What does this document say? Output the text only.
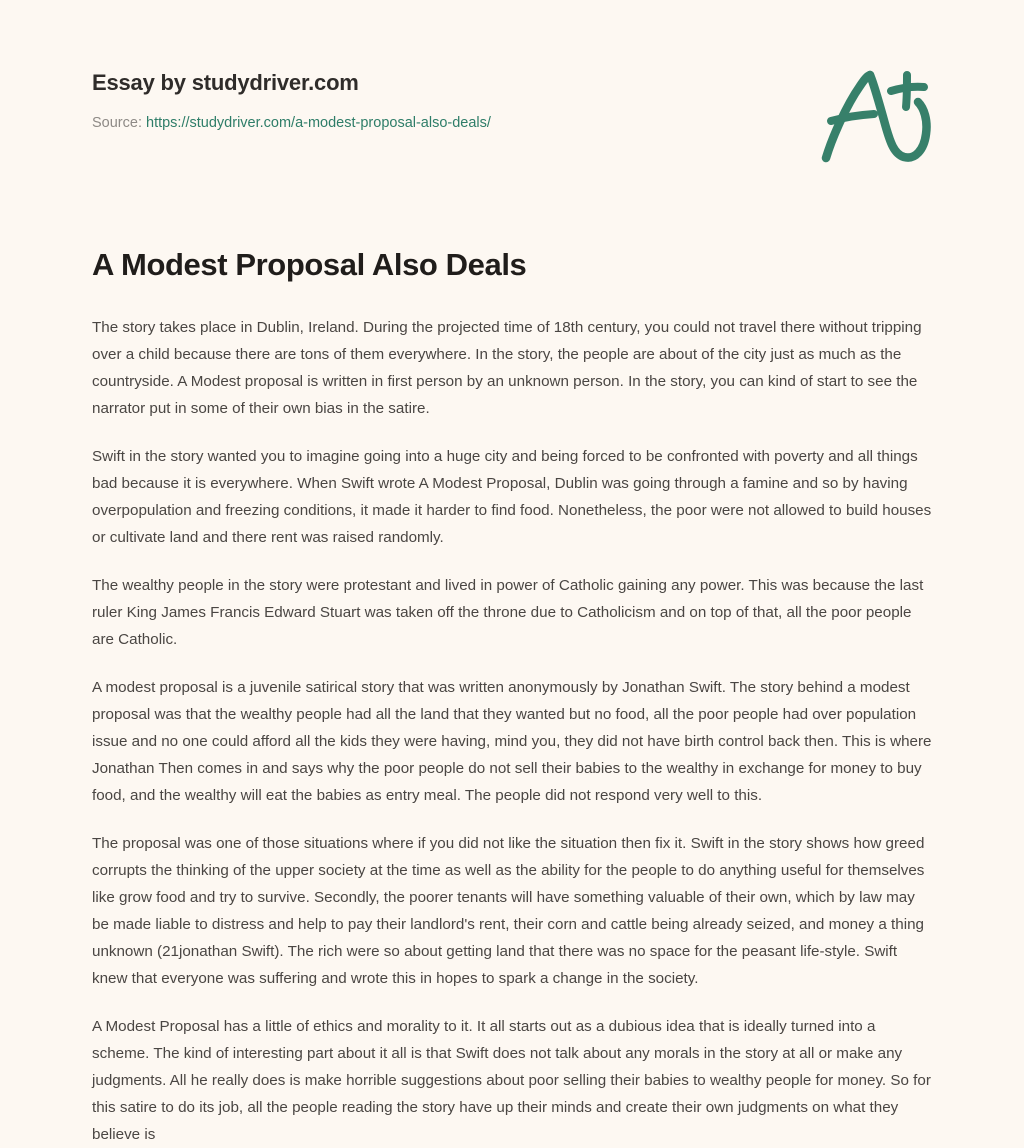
Essay by studydriver.com
Source: https://studydriver.com/a-modest-proposal-also-deals/
A Modest Proposal Also Deals

The story takes place in Dublin, Ireland. During the projected time of 18th century, you could not travel there without tripping over a child because there are tons of them everywhere. In the story, the people are about of the city just as much as the countryside. A Modest proposal is written in first person by an unknown person. In the story, you can kind of start to see the narrator put in some of their own bias in the satire.

Swift in the story wanted you to imagine going into a huge city and being forced to be confronted with poverty and all things bad because it is everywhere. When Swift wrote A Modest Proposal, Dublin was going through a famine and so by having overpopulation and freezing conditions, it made it harder to find food. Nonetheless, the poor were not allowed to build houses or cultivate land and there rent was raised randomly.

The wealthy people in the story were protestant and lived in power of Catholic gaining any power. This was because the last ruler King James Francis Edward Stuart was taken off the throne due to Catholicism and on top of that, all the poor people are Catholic.

A modest proposal is a juvenile satirical story that was written anonymously by Jonathan Swift. The story behind a modest proposal was that the wealthy people had all the land that they wanted but no food, all the poor people had over population issue and no one could afford all the kids they were having, mind you, they did not have birth control back then. This is where Jonathan Then comes in and says why the poor people do not sell their babies to the wealthy in exchange for money to buy food, and the wealthy will eat the babies as entry meal. The people did not respond very well to this.

The proposal was one of those situations where if you did not like the situation then fix it. Swift in the story shows how greed corrupts the thinking of the upper society at the time as well as the ability for the people to do anything useful for themselves like grow food and try to survive. Secondly, the poorer tenants will have something valuable of their own, which by law may be made liable to distress and help to pay their landlord's rent, their corn and cattle being already seized, and money a thing unknown (21jonathan Swift). The rich were so about getting land that there was no space for the peasant life-style. Swift knew that everyone was suffering and wrote this in hopes to spark a change in the society.

A Modest Proposal has a little of ethics and morality to it. It all starts out as a dubious idea that is ideally turned into a scheme. The kind of interesting part about it all is that Swift does not talk about any morals in the story at all or make any judgments. All he really does is make horrible suggestions about poor selling their babies to wealthy people for money. So for this satire to do its job, all the people reading the story have up their minds and create their own judgments on what they believe is
